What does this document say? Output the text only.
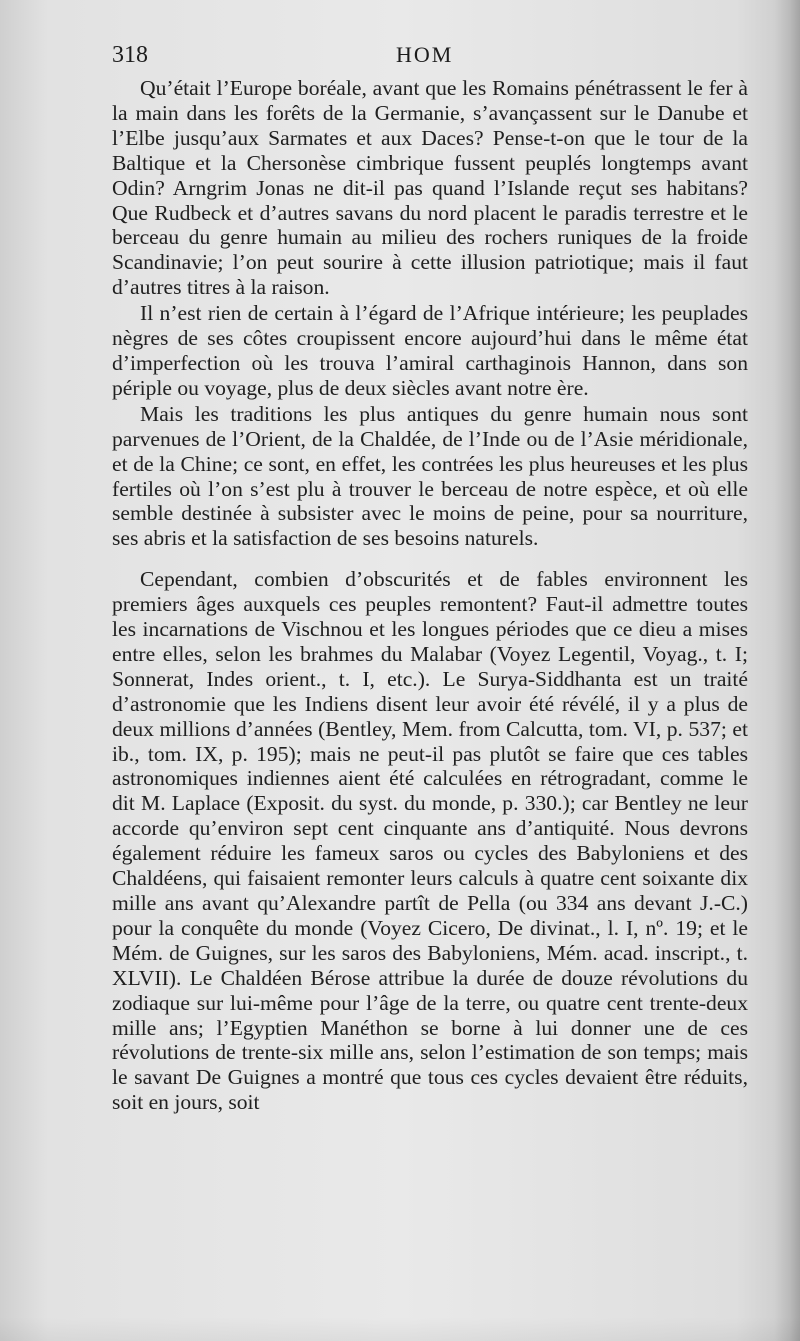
318	HOM

Qu’était l’Europe boréale, avant que les Romains pénétrassent le fer à la main dans les forêts de la Germanie, s’avançassent sur le Danube et l’Elbe jusqu’aux Sarmates et aux Daces? Pense-t-on que le tour de la Baltique et la Chersonèse cimbrique fussent peuplés longtemps avant Odin? Arngrim Jonas ne dit-il pas quand l’Islande reçut ses habitans? Que Rudbeck et d’autres savans du nord placent le paradis terrestre et le berceau du genre humain au milieu des rochers runiques de la froide Scandinavie; l’on peut sourire à cette illusion patriotique; mais il faut d’autres titres à la raison.

Il n’est rien de certain à l’égard de l’Afrique intérieure; les peuplades nègres de ses côtes croupissent encore aujourd’hui dans le même état d’imperfection où les trouva l’amiral carthaginois Hannon, dans son périple ou voyage, plus de deux siècles avant notre ère.

Mais les traditions les plus antiques du genre humain nous sont parvenues de l’Orient, de la Chaldée, de l’Inde ou de l’Asie méridionale, et de la Chine; ce sont, en effet, les contrées les plus heureuses et les plus fertiles où l’on s’est plu à trouver le berceau de notre espèce, et où elle semble destinée à subsister avec le moins de peine, pour sa nourriture, ses abris et la satisfaction de ses besoins naturels.

Cependant, combien d’obscurités et de fables environnent les premiers âges auxquels ces peuples remontent? Faut-il admettre toutes les incarnations de Vischnou et les longues périodes que ce dieu a mises entre elles, selon les brahmes du Malabar (Voyez Legentil, Voyag., t. I; Sonnerat, Indes orient., t. I, etc.). Le Surya-Siddhanta est un traité d’astronomie que les Indiens disent leur avoir été révélé, il y a plus de deux millions d’années (Bentley, Mem. from Calcutta, tom. VI, p. 537; et ib., tom. IX, p. 195); mais ne peut-il pas plutôt se faire que ces tables astronomiques indiennes aient été calculées en rétrogradant, comme le dit M. Laplace (Exposit. du syst. du monde, p. 330.); car Bentley ne leur accorde qu’environ sept cent cinquante ans d’antiquité. Nous devrons également réduire les fameux saros ou cycles des Babyloniens et des Chaldéens, qui faisaient remonter leurs calculs à quatre cent soixante dix mille ans avant qu’Alexandre partît de Pella (ou 334 ans devant J.-C.) pour la conquête du monde (Voyez Cicero, De divinat., l. I, nº. 19; et le Mém. de Guignes, sur les saros des Babyloniens, Mém. acad. inscript., t. XLVII). Le Chaldéen Bérose attribue la durée de douze révolutions du zodiaque sur lui-même pour l’âge de la terre, ou quatre cent trente-deux mille ans; l’Egyptien Manéthon se borne à lui donner une de ces révolutions de trente-six mille ans, selon l’estimation de son temps; mais le savant De Guignes a montré que tous ces cycles devaient être réduits, soit en jours, soit
